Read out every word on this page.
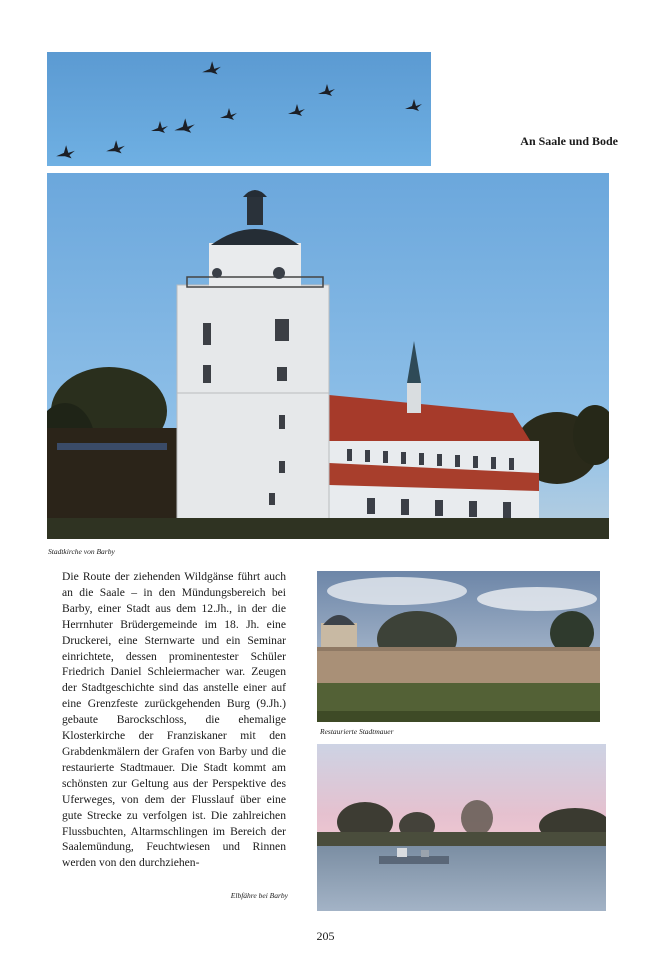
An Saale und Bode
Stadtkirche von Barby

Die Route der ziehenden Wildgänse führt auch an die Saale – in den Mündungsbereich bei Barby, einer Stadt aus dem 12.Jh., in der die Herrnhuter Brüdergemeinde im 18. Jh. eine Druckerei, eine Sternwarte und ein Seminar einrichtete, dessen prominentester Schüler Friedrich Daniel Schleiermacher war. Zeugen der Stadtgeschichte sind das anstelle einer auf eine Grenzfeste zurückgehenden Burg (9.Jh.) gebaute Barockschloss, die ehemalige Klosterkirche der Franziskaner mit den Grabdenkmälern der Grafen von Barby und die restaurierte Stadtmauer. Die Stadt kommt am schönsten zur Geltung aus der Perspektive des Uferweges, von dem der Flusslauf über eine gute Strecke zu verfolgen ist. Die zahlreichen Flussbuchten, Altarmschlingen im Bereich der Saalemündung, Feuchtwiesen und Rinnen werden von den durchziehen-

Restaurierte Stadtmauer
Elbfähre bei Barby
205
